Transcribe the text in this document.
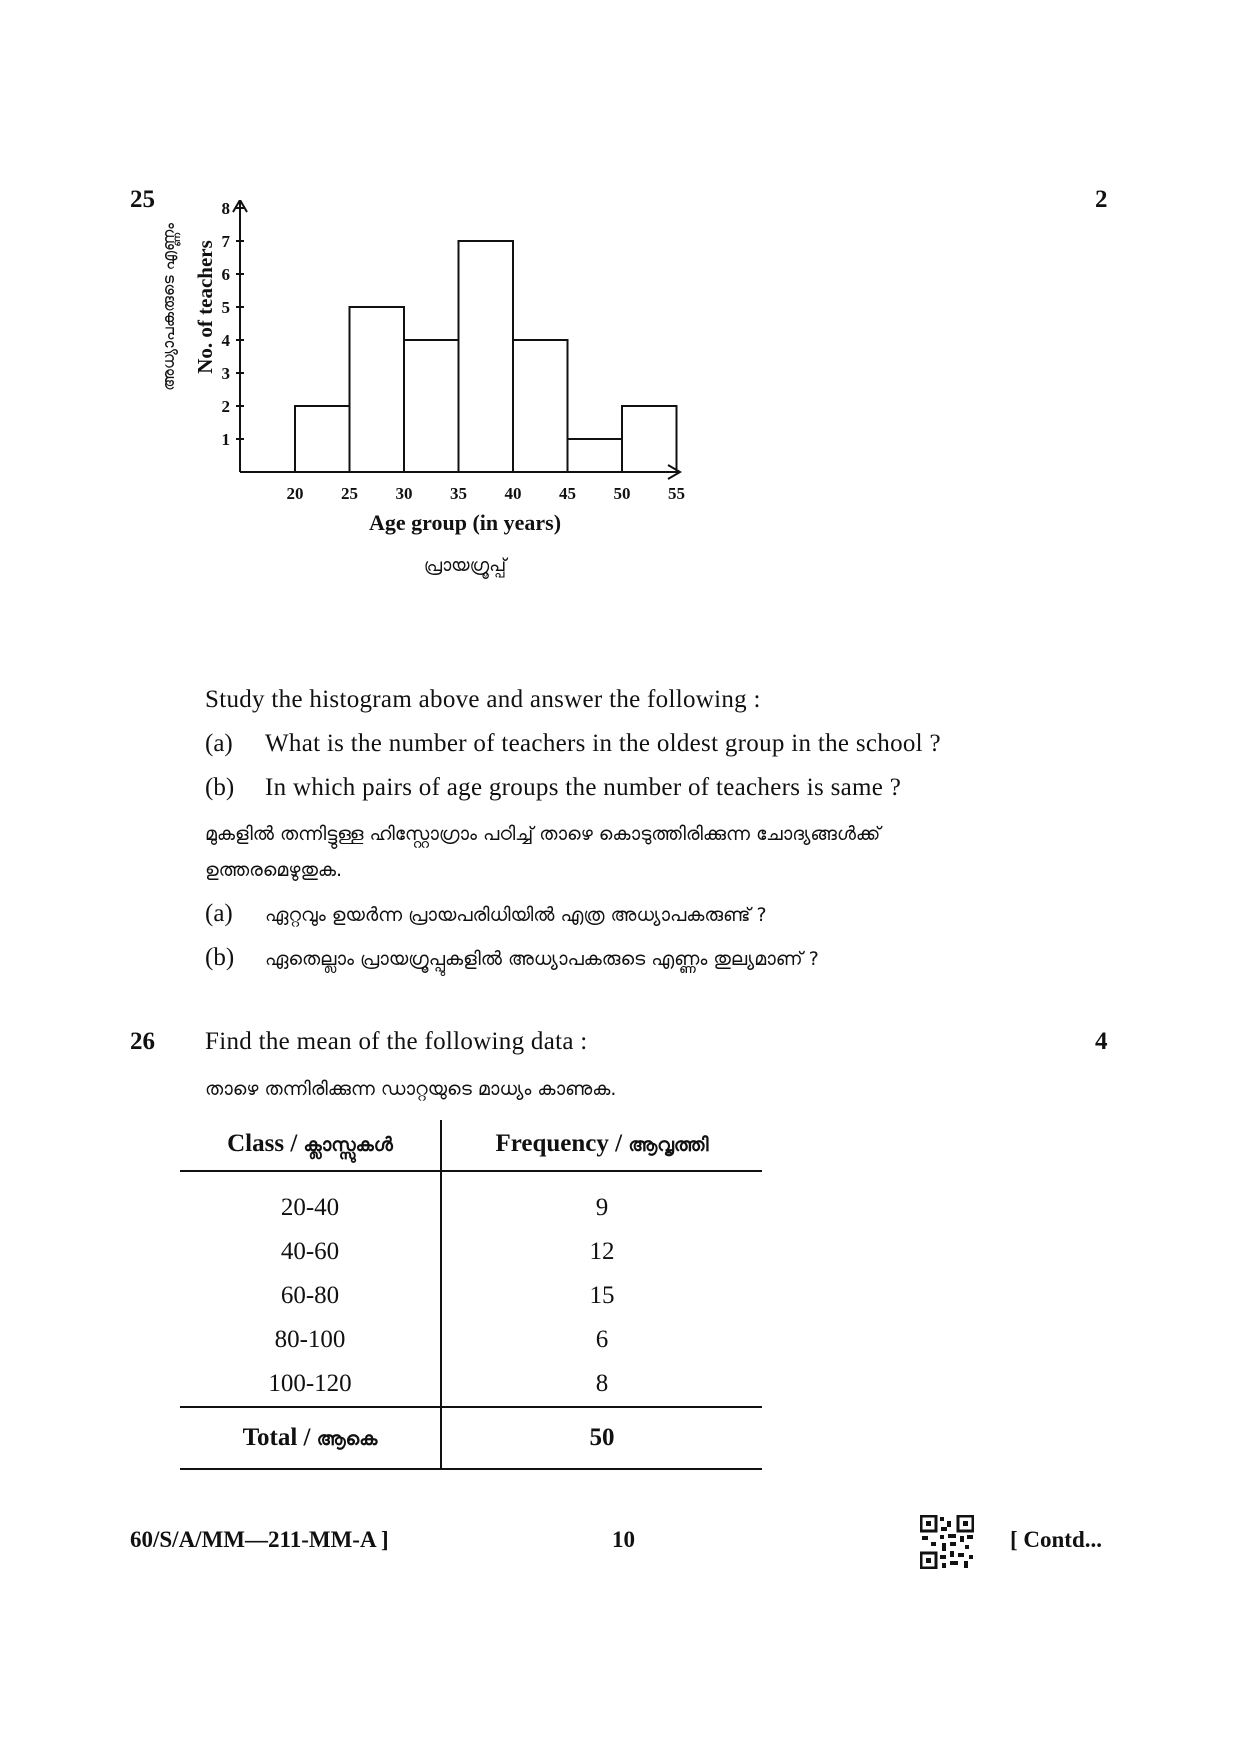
25	2
1
2
3
4
5
6
7
8
20 25 30 35 40 45 50 55
No. of teachers
അധ്യാപകരുടെ എണ്ണം
Age group (in years)
പ്രായഗ്രൂപ്പ്
Study the histogram above and answer the following :
(a) What is the number of teachers in the oldest group in the school ?
(b) In which pairs of age groups the number of teachers is same ?
മുകളിൽ തന്നിട്ടുള്ള ഹിസ്റ്റോഗ്രാം പഠിച്ച് താഴെ കൊടുത്തിരിക്കുന്ന ചോദ്യങ്ങൾക്ക്
ഉത്തരമെഴുതുക.
(a) ഏറ്റവും ഉയർന്ന പ്രായപരിധിയിൽ എത്ര അധ്യാപകരുണ്ട് ?
(b) ഏതെല്ലാം പ്രായഗ്രൂപ്പുകളിൽ അധ്യാപകരുടെ എണ്ണം തുല്യമാണ് ?
26	4
Find the mean of the following data :
താഴെ തന്നിരിക്കുന്ന ഡാറ്റയുടെ മാധ്യം കാണുക.
Class / ക്ലാസ്സുകൾ	Frequency / ആവൃത്തി
20-40	9
40-60	12
60-80	15
80-100	6
100-120	8
Total / ആകെ	50
60/S/A/MM—211-MM-A ]	10	[ Contd...
